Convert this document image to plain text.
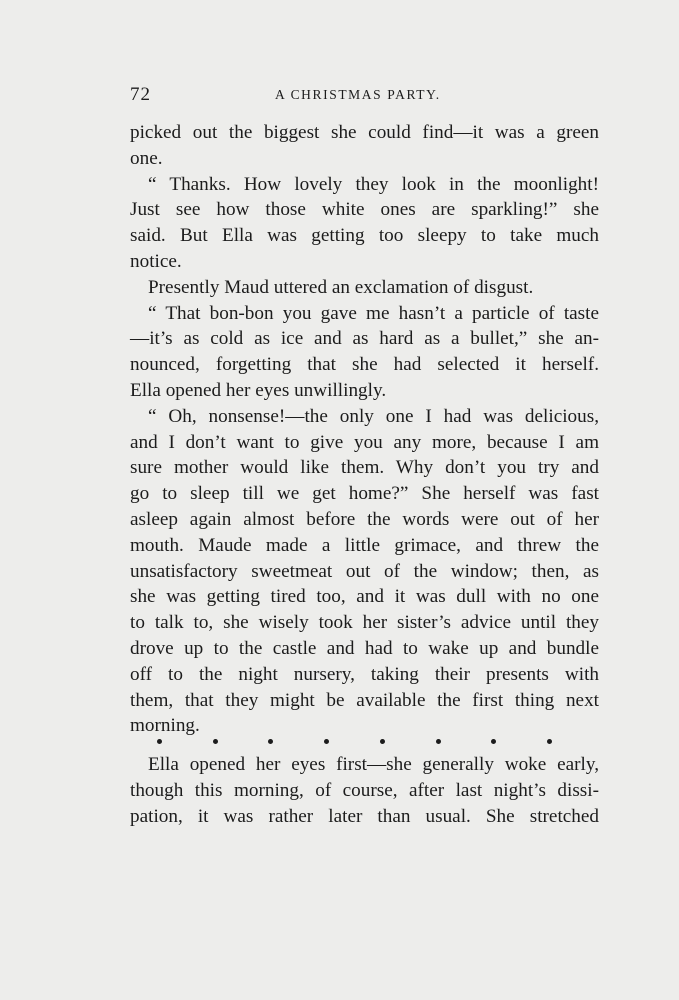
72	A CHRISTMAS PARTY.
picked out the biggest she could find—it was a green
one.
“ Thanks. How lovely they look in the moonlight!
Just see how those white ones are sparkling!” she
said. But Ella was getting too sleepy to take much
notice.
Presently Maud uttered an exclamation of disgust.
“ That bon-bon you gave me hasn’t a particle of taste
—it’s as cold as ice and as hard as a bullet,” she an-
nounced, forgetting that she had selected it herself.
Ella opened her eyes unwillingly.
“ Oh, nonsense!—the only one I had was delicious,
and I don’t want to give you any more, because I am
sure mother would like them. Why don’t you try and
go to sleep till we get home?” She herself was fast
asleep again almost before the words were out of her
mouth. Maude made a little grimace, and threw the
unsatisfactory sweetmeat out of the window; then, as
she was getting tired too, and it was dull with no one
to talk to, she wisely took her sister’s advice until they
drove up to the castle and had to wake up and bundle
off to the night nursery, taking their presents with
them, that they might be available the first thing next
morning.
Ella opened her eyes first—she generally woke early,
though this morning, of course, after last night’s dissi-
pation, it was rather later than usual. She stretched
